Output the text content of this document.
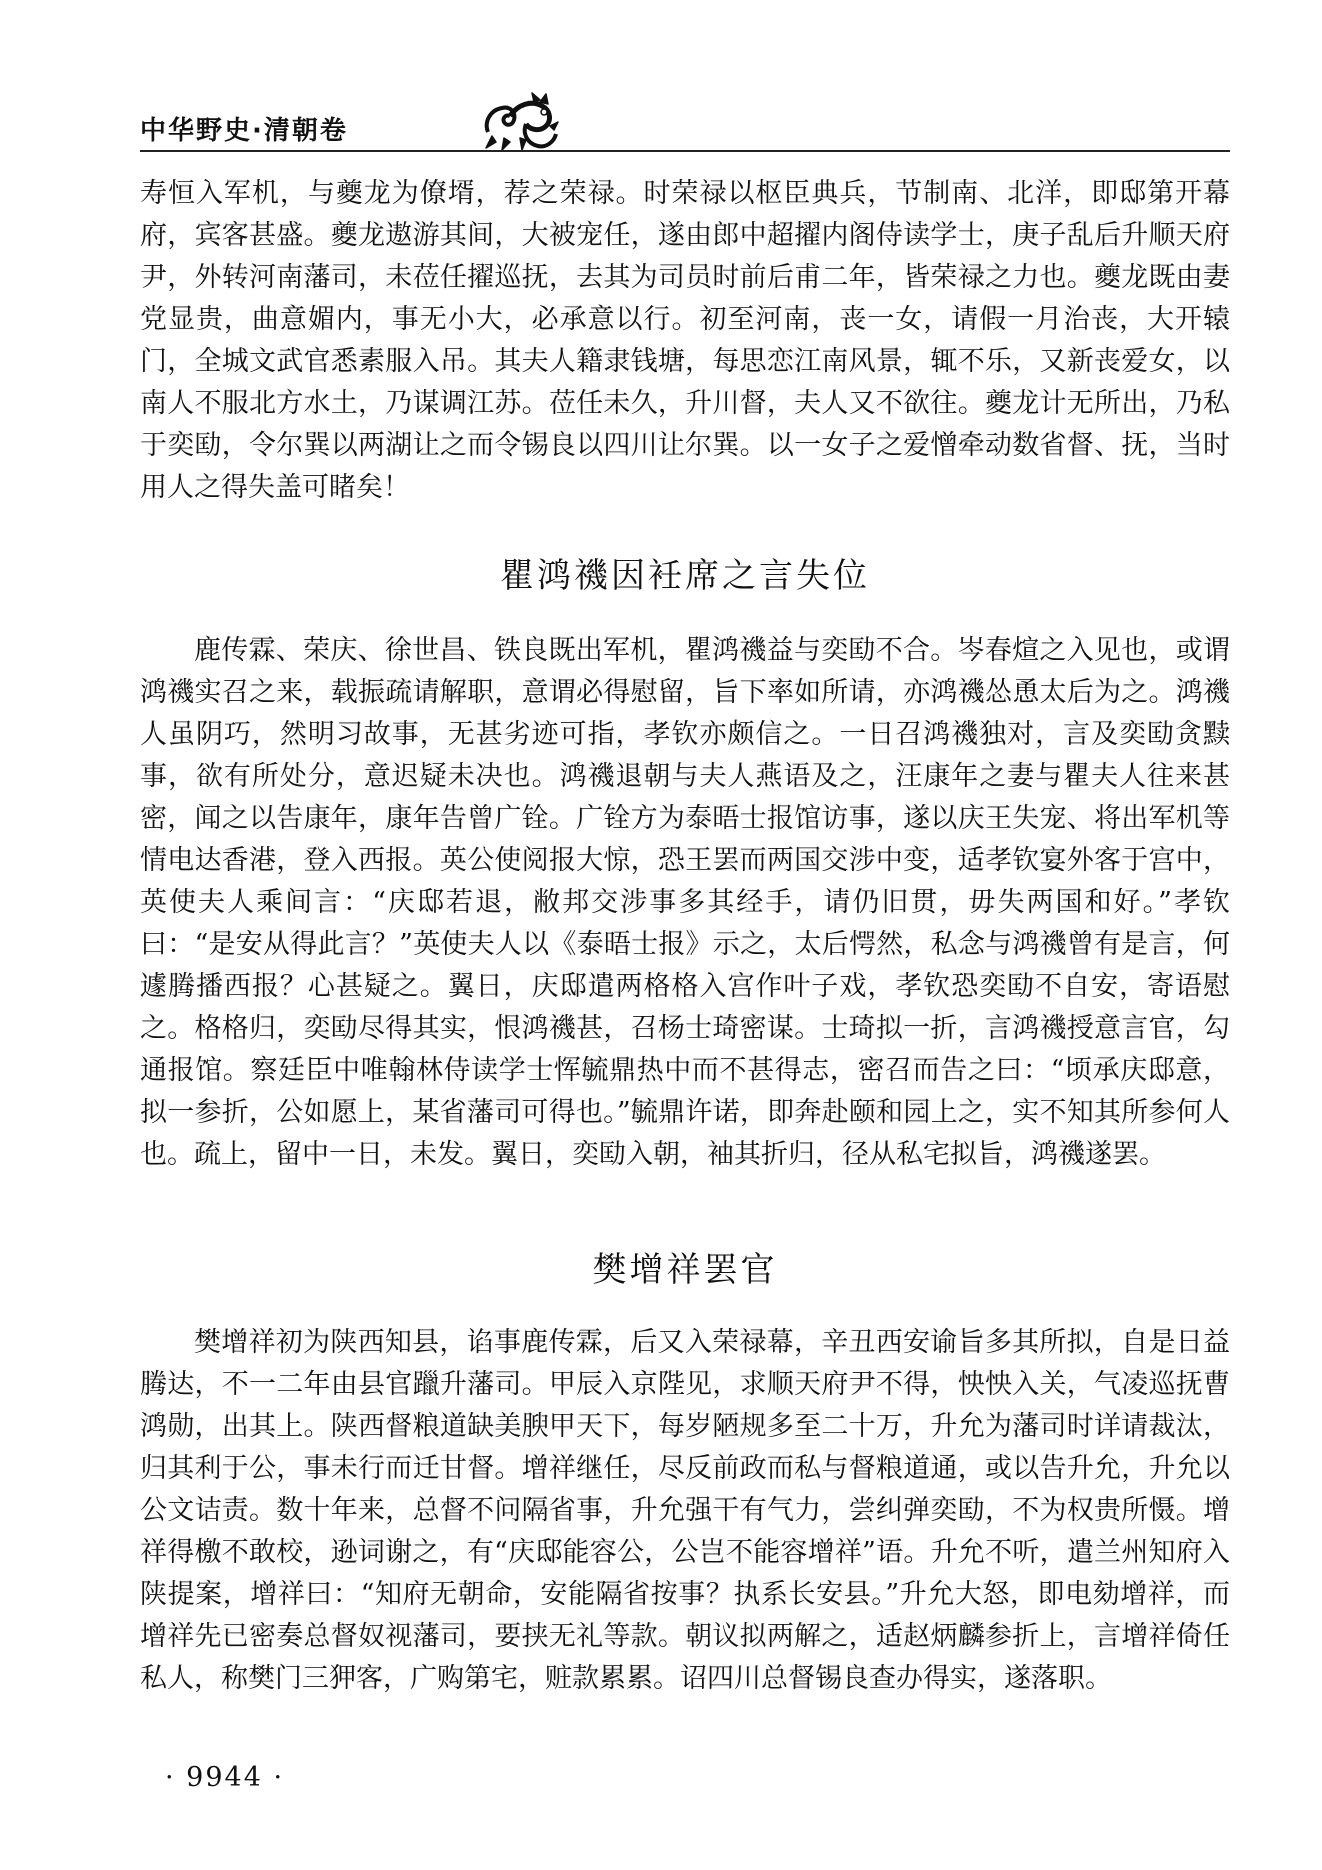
中华野史·清朝卷

寿恒入军机，与夔龙为僚壻，荐之荣禄。时荣禄以枢臣典兵，节制南、北洋，即邸第开幕府，宾客甚盛。夔龙遨游其间，大被宠任，遂由郎中超擢内阁侍读学士，庚子乱后升顺天府尹，外转河南藩司，未莅任擢巡抚，去其为司员时前后甫二年，皆荣禄之力也。夔龙既由妻党显贵，曲意媚内，事无小大，必承意以行。初至河南，丧一女，请假一月治丧，大开辕门，全城文武官悉素服入吊。其夫人籍隶钱塘，每思恋江南风景，辄不乐，又新丧爱女，以南人不服北方水土，乃谋调江苏。莅任未久，升川督，夫人又不欲往。夔龙计无所出，乃私于奕劻，令尔巽以两湖让之而令锡良以四川让尔巽。以一女子之爱憎牵动数省督、抚，当时用人之得失盖可睹矣！

瞿鸿禨因衽席之言失位

鹿传霖、荣庆、徐世昌、铁良既出军机，瞿鸿禨益与奕劻不合。岑春煊之入见也，或谓鸿禨实召之来，载振疏请解职，意谓必得慰留，旨下率如所请，亦鸿禨怂恿太后为之。鸿禨人虽阴巧，然明习故事，无甚劣迹可指，孝钦亦颇信之。一日召鸿禨独对，言及奕劻贪黩事，欲有所处分，意迟疑未决也。鸿禨退朝与夫人燕语及之，汪康年之妻与瞿夫人往来甚密，闻之以告康年，康年告曾广铨。广铨方为泰晤士报馆访事，遂以庆王失宠、将出军机等情电达香港，登入西报。英公使阅报大惊，恐王罢而两国交涉中变，适孝钦宴外客于宫中，英使夫人乘间言：“庆邸若退，敝邦交涉事多其经手，请仍旧贯，毋失两国和好。”孝钦曰：“是安从得此言？”英使夫人以《泰晤士报》示之，太后愕然，私念与鸿禨曾有是言，何遽腾播西报？心甚疑之。翼日，庆邸遣两格格入宫作叶子戏，孝钦恐奕劻不自安，寄语慰之。格格归，奕劻尽得其实，恨鸿禨甚，召杨士琦密谋。士琦拟一折，言鸿禨授意言官，勾通报馆。察廷臣中唯翰林侍读学士恽毓鼎热中而不甚得志，密召而告之曰：“顷承庆邸意，拟一参折，公如愿上，某省藩司可得也。”毓鼎许诺，即奔赴颐和园上之，实不知其所参何人也。疏上，留中一日，未发。翼日，奕劻入朝，袖其折归，径从私宅拟旨，鸿禨遂罢。

樊增祥罢官

樊增祥初为陕西知县，谄事鹿传霖，后又入荣禄幕，辛丑西安谕旨多其所拟，自是日益腾达，不一二年由县官躐升藩司。甲辰入京陛见，求顺天府尹不得，怏怏入关，气凌巡抚曹鸿勋，出其上。陕西督粮道缺美腴甲天下，每岁陋规多至二十万，升允为藩司时详请裁汰，归其利于公，事未行而迁甘督。增祥继任，尽反前政而私与督粮道通，或以告升允，升允以公文诘责。数十年来，总督不问隔省事，升允强干有气力，尝纠弹奕劻，不为权贵所慑。增祥得檄不敢校，逊词谢之，有“庆邸能容公，公岂不能容增祥”语。升允不听，遣兰州知府入陕提案，增祥曰：“知府无朝命，安能隔省按事？执系长安县。”升允大怒，即电劾增祥，而增祥先已密奏总督奴视藩司，要挟无礼等款。朝议拟两解之，适赵炳麟参折上，言增祥倚任私人，称樊门三狎客，广购第宅，赃款累累。诏四川总督锡良查办得实，遂落职。

· 9944 ·
